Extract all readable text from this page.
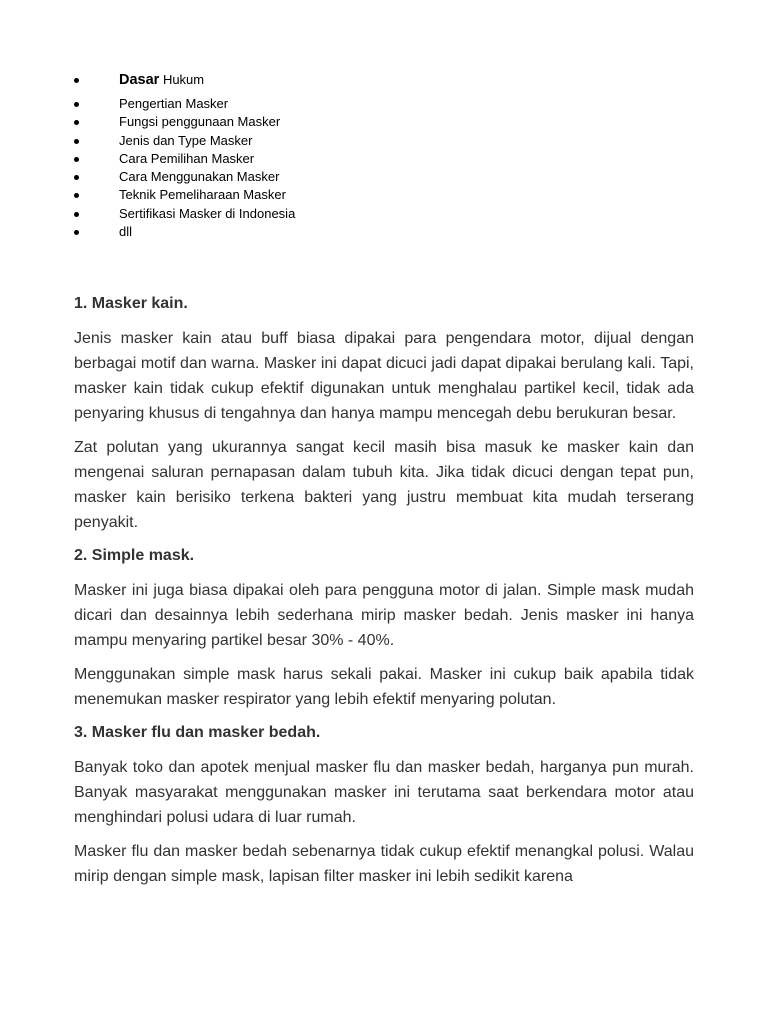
Dasar Hukum
Pengertian Masker
Fungsi penggunaan Masker
Jenis dan Type Masker
Cara Pemilihan Masker
Cara Menggunakan Masker
Teknik Pemeliharaan Masker
Sertifikasi Masker di Indonesia
dll
1. Masker kain.

Jenis masker kain atau buff biasa dipakai para pengendara motor, dijual dengan berbagai motif dan warna. Masker ini dapat dicuci jadi dapat dipakai berulang kali. Tapi, masker kain tidak cukup efektif digunakan untuk menghalau partikel kecil, tidak ada penyaring khusus di tengahnya dan hanya mampu mencegah debu berukuran besar.

Zat polutan yang ukurannya sangat kecil masih bisa masuk ke masker kain dan mengenai saluran pernapasan dalam tubuh kita. Jika tidak dicuci dengan tepat pun, masker kain berisiko terkena bakteri yang justru membuat kita mudah terserang penyakit.

2. Simple mask.

Masker ini juga biasa dipakai oleh para pengguna motor di jalan. Simple mask mudah dicari dan desainnya lebih sederhana mirip masker bedah. Jenis masker ini hanya mampu menyaring partikel besar 30% - 40%.

Menggunakan simple mask harus sekali pakai. Masker ini cukup baik apabila tidak menemukan masker respirator yang lebih efektif menyaring polutan.

3. Masker flu dan masker bedah.

Banyak toko dan apotek menjual masker flu dan masker bedah, harganya pun murah. Banyak masyarakat menggunakan masker ini terutama saat berkendara motor atau menghindari polusi udara di luar rumah.

Masker flu dan masker bedah sebenarnya tidak cukup efektif menangkal polusi. Walau mirip dengan simple mask, lapisan filter masker ini lebih sedikit karena
